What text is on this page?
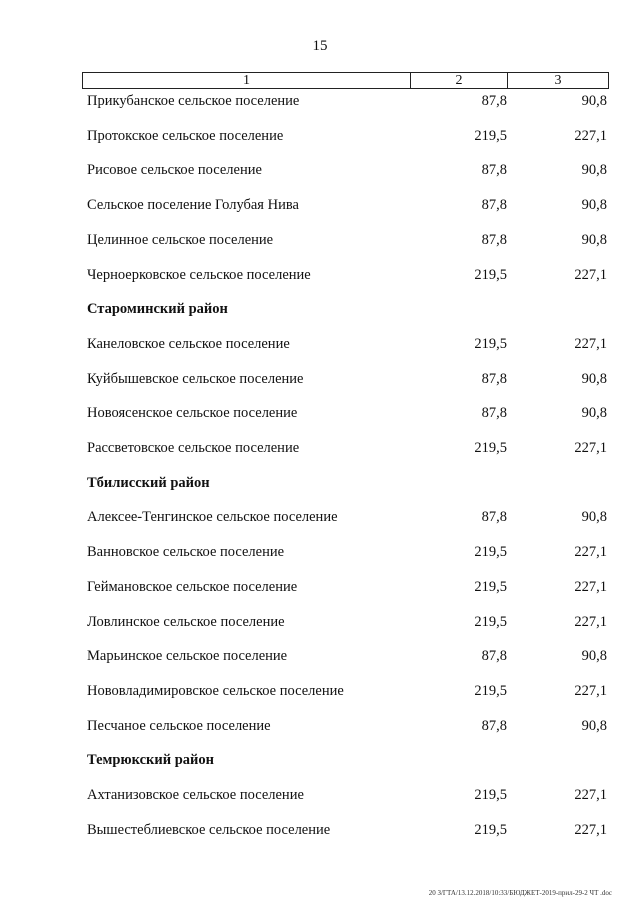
15
1	2	3
Прикубанское сельское поселение	87,8	90,8
Протокское сельское поселение	219,5	227,1
Рисовое сельское поселение	87,8	90,8
Сельское поселение Голубая Нива	87,8	90,8
Целинное сельское поселение	87,8	90,8
Черноерковское сельское поселение	219,5	227,1
Староминский район
Канеловское сельское поселение	219,5	227,1
Куйбышевское сельское поселение	87,8	90,8
Новоясенское сельское поселение	87,8	90,8
Рассветовское сельское поселение	219,5	227,1
Тбилисский район
Алексее-Тенгинское сельское поселение	87,8	90,8
Ванновское сельское поселение	219,5	227,1
Геймановское сельское поселение	219,5	227,1
Ловлинское сельское поселение	219,5	227,1
Марьинское сельское поселение	87,8	90,8
Нововладимировское сельское поселение	219,5	227,1
Песчаное сельское поселение	87,8	90,8
Темрюкский район
Ахтанизовское сельское поселение	219,5	227,1
Вышестеблиевское сельское поселение	219,5	227,1
20 З/ГТА/13.12.2018/10:33/БЮДЖЕТ-2019-прил-29-2 ЧТ .doc
